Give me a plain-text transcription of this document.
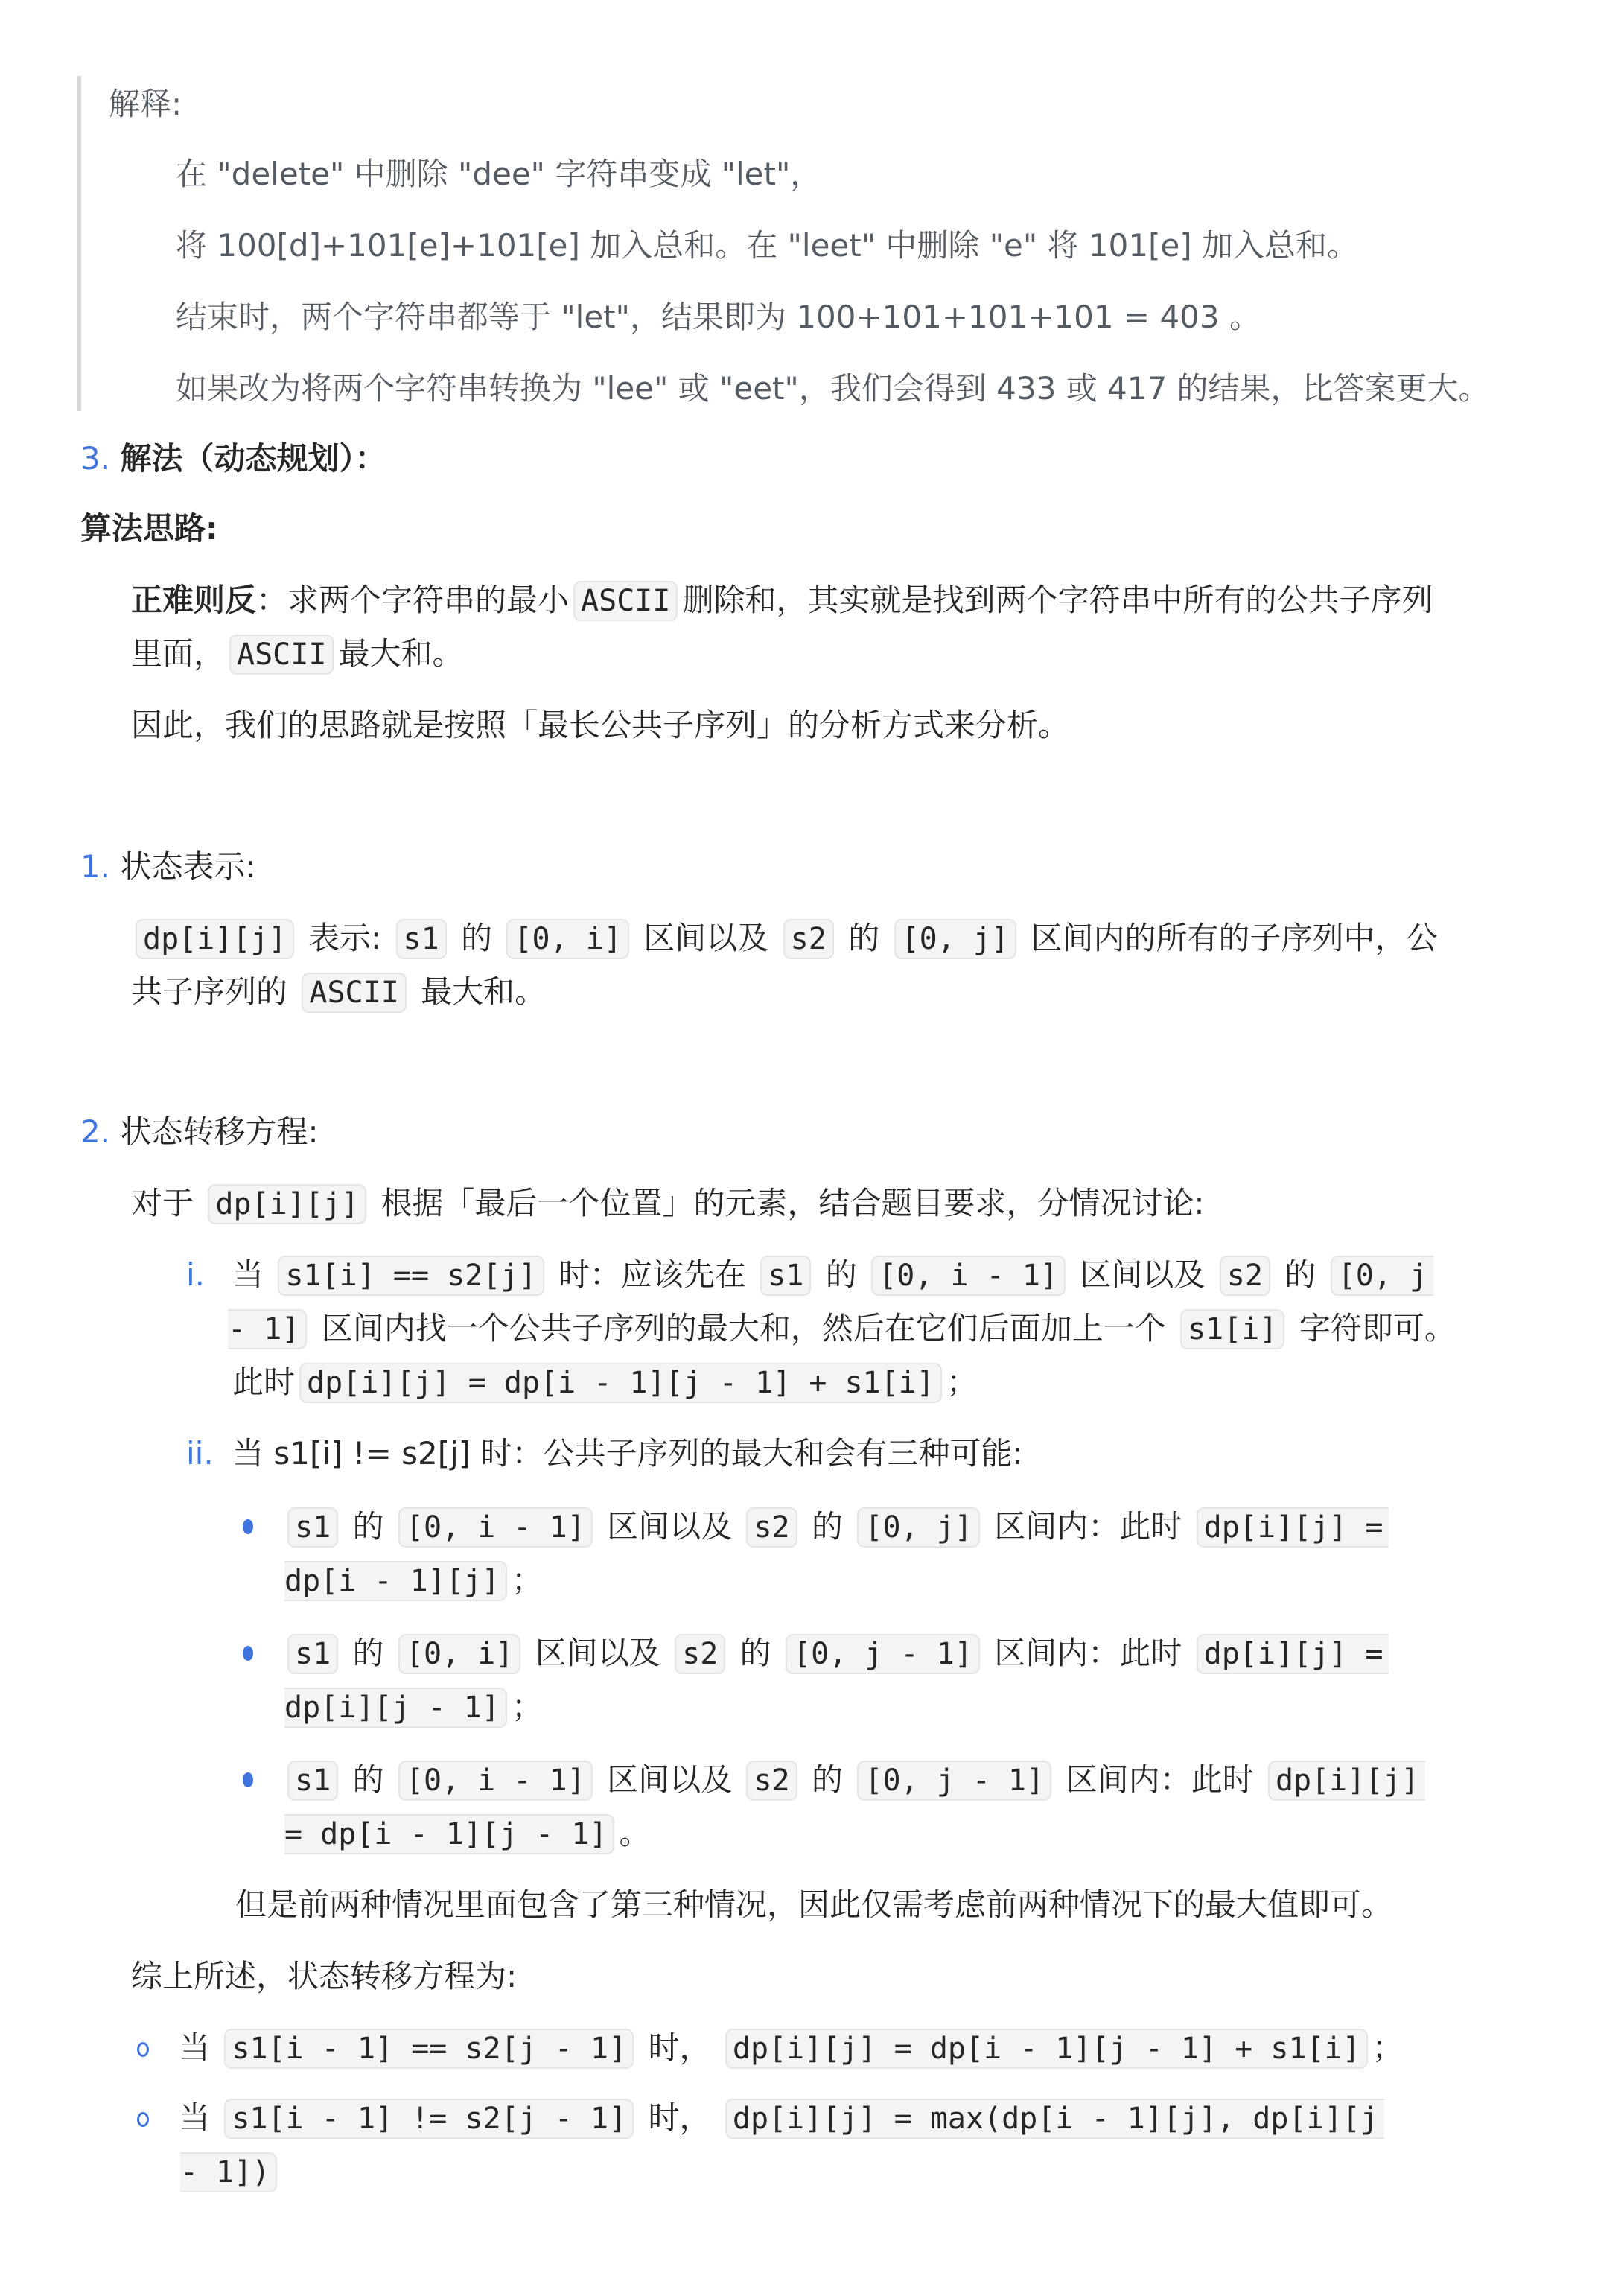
解释:
在 "delete" 中删除 "dee" 字符串变成 "let"，
将 100[d]+101[e]+101[e] 加入总和。在 "leet" 中删除 "e" 将 101[e] 加入总和。
结束时，两个字符串都等于 "let"，结果即为 100+101+101+101 = 403 。
如果改为将两个字符串转换为 "lee" 或 "eet"，我们会得到 433 或 417 的结果，比答案更大。
3. 解法（动态规划）：
算法思路:
正难则反：求两个字符串的最小 ASCII 删除和，其实就是找到两个字符串中所有的公共子序列
里面， ASCII 最大和。
因此，我们的思路就是按照「最长公共子序列」的分析方式来分析。
1. 状态表示:
dp[i][j] 表示: s1 的 [0, i] 区间以及 s2 的 [0, j] 区间内的所有的子序列中，公
共子序列的 ASCII 最大和。
2. 状态转移方程:
对于 dp[i][j] 根据「最后一个位置」的元素，结合题目要求，分情况讨论:
i. 当 s1[i] == s2[j] 时：应该先在 s1 的 [0, i - 1] 区间以及 s2 的 [0, j
- 1] 区间内找一个公共子序列的最大和，然后在它们后面加上一个 s1[i] 字符即可。
此时 dp[i][j] = dp[i - 1][j - 1] + s1[i] ；
ii. 当 s1[i] != s2[j] 时：公共子序列的最大和会有三种可能:
s1 的 [0, i - 1] 区间以及 s2 的 [0, j] 区间内：此时 dp[i][j] =
dp[i - 1][j] ；
s1 的 [0, i] 区间以及 s2 的 [0, j - 1] 区间内：此时 dp[i][j] =
dp[i][j - 1] ；
s1 的 [0, i - 1] 区间以及 s2 的 [0, j - 1] 区间内：此时 dp[i][j]
= dp[i - 1][j - 1] 。
但是前两种情况里面包含了第三种情况，因此仅需考虑前两种情况下的最大值即可。
综上所述，状态转移方程为:
当 s1[i - 1] == s2[j - 1] 时， dp[i][j] = dp[i - 1][j - 1] + s1[i] ；
当 s1[i - 1] != s2[j - 1] 时， dp[i][j] = max(dp[i - 1][j], dp[i][j
- 1])
